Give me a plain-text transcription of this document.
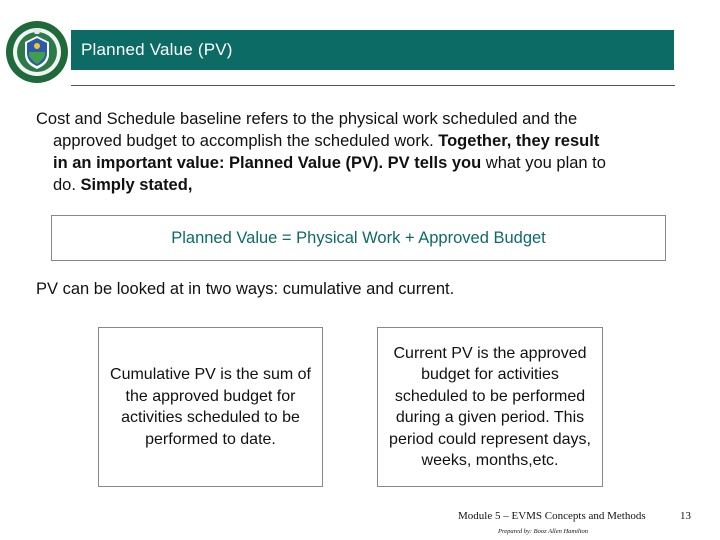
Planned Value (PV)
Cost and Schedule baseline refers to the physical work scheduled and the
approved budget to accomplish the scheduled work. Together, they result
in an important value: Planned Value (PV). PV tells you what you plan to
do. Simply stated,
Planned Value = Physical Work + Approved Budget
PV can be looked at in two ways: cumulative and current.
Cumulative PV is the sum of the approved budget for activities scheduled to be performed to date.
Current PV is the approved budget for activities scheduled to be performed during a given period. This period could represent days, weeks, months,etc.
Module 5 – EVMS Concepts and Methods
Prepared by: Booz Allen Hamilton
13
